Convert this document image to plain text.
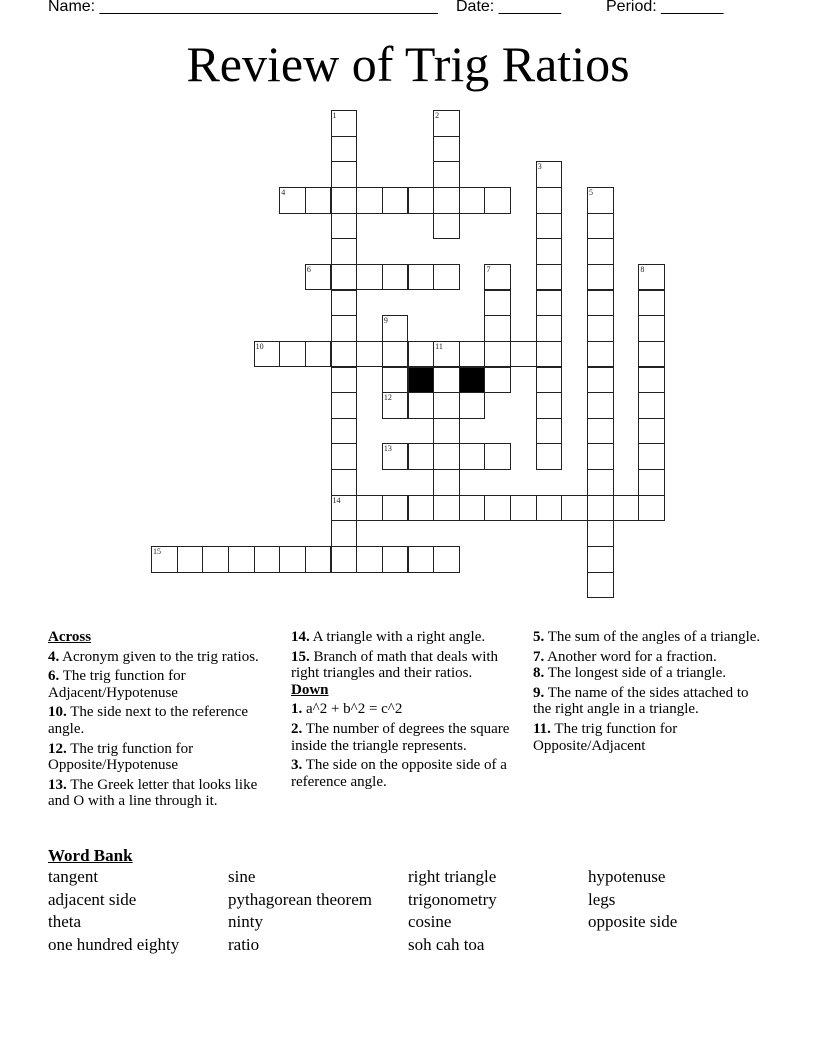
Name: ______________________________________

Date: _______

	Period: _______

Review of Trig Ratios
1
14
2
3
4	5
6	7	8
9
12
10	11
13
15
Across
4. Acronym given to the trig ratios.
6. The trig function for Adjacent/Hypotenuse
10. The side next to the reference angle.
12. The trig function for Opposite/Hypotenuse
13. The Greek letter that looks like and O with a line through it.
14. A triangle with a right angle.
15. Branch of math that deals with right triangles and their ratios.
Down
1. a^2 + b^2 = c^2
2. The number of degrees the square inside the triangle represents.
3. The side on the opposite side of a reference angle.
5. The sum of the angles of a triangle.
7. Another word for a fraction.
8. The longest side of a triangle.
9. The name of the sides attached to the right angle in a triangle.
11. The trig function for Opposite/Adjacent
Word Bank
tangent	sine	right triangle	hypotenuse
adjacent side	pythagorean theorem	trigonometry	legs
theta	ninty	cosine	opposite side
one hundred eighty	ratio	soh cah toa
